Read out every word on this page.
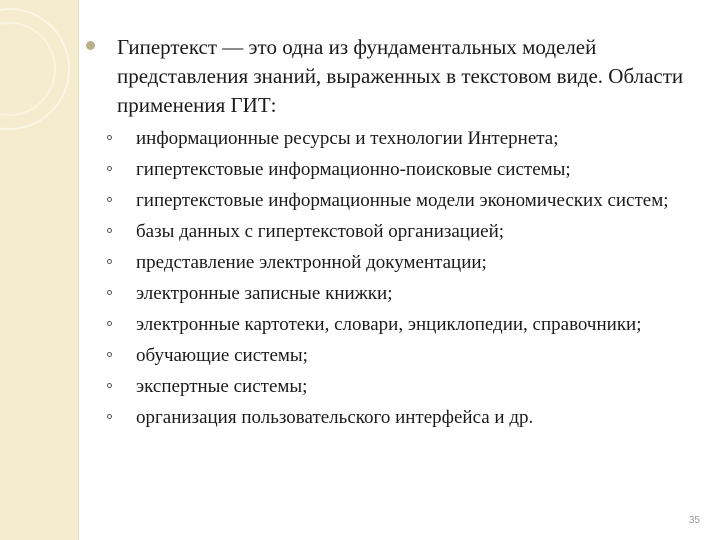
Гипертекст — это одна из фундаментальных моделей представления знаний, выраженных в текстовом виде. Области применения ГИТ:
информационные ресурсы и технологии Интернета;
гипертекстовые информационно-поисковые системы;
гипертекстовые информационные модели экономических систем;
базы данных с гипертекстовой организацией;
представление электронной документации;
электронные записные книжки;
электронные картотеки, словари, энциклопедии, справочники;
обучающие системы;
экспертные системы;
организация пользовательского интерфейса и др.
35
